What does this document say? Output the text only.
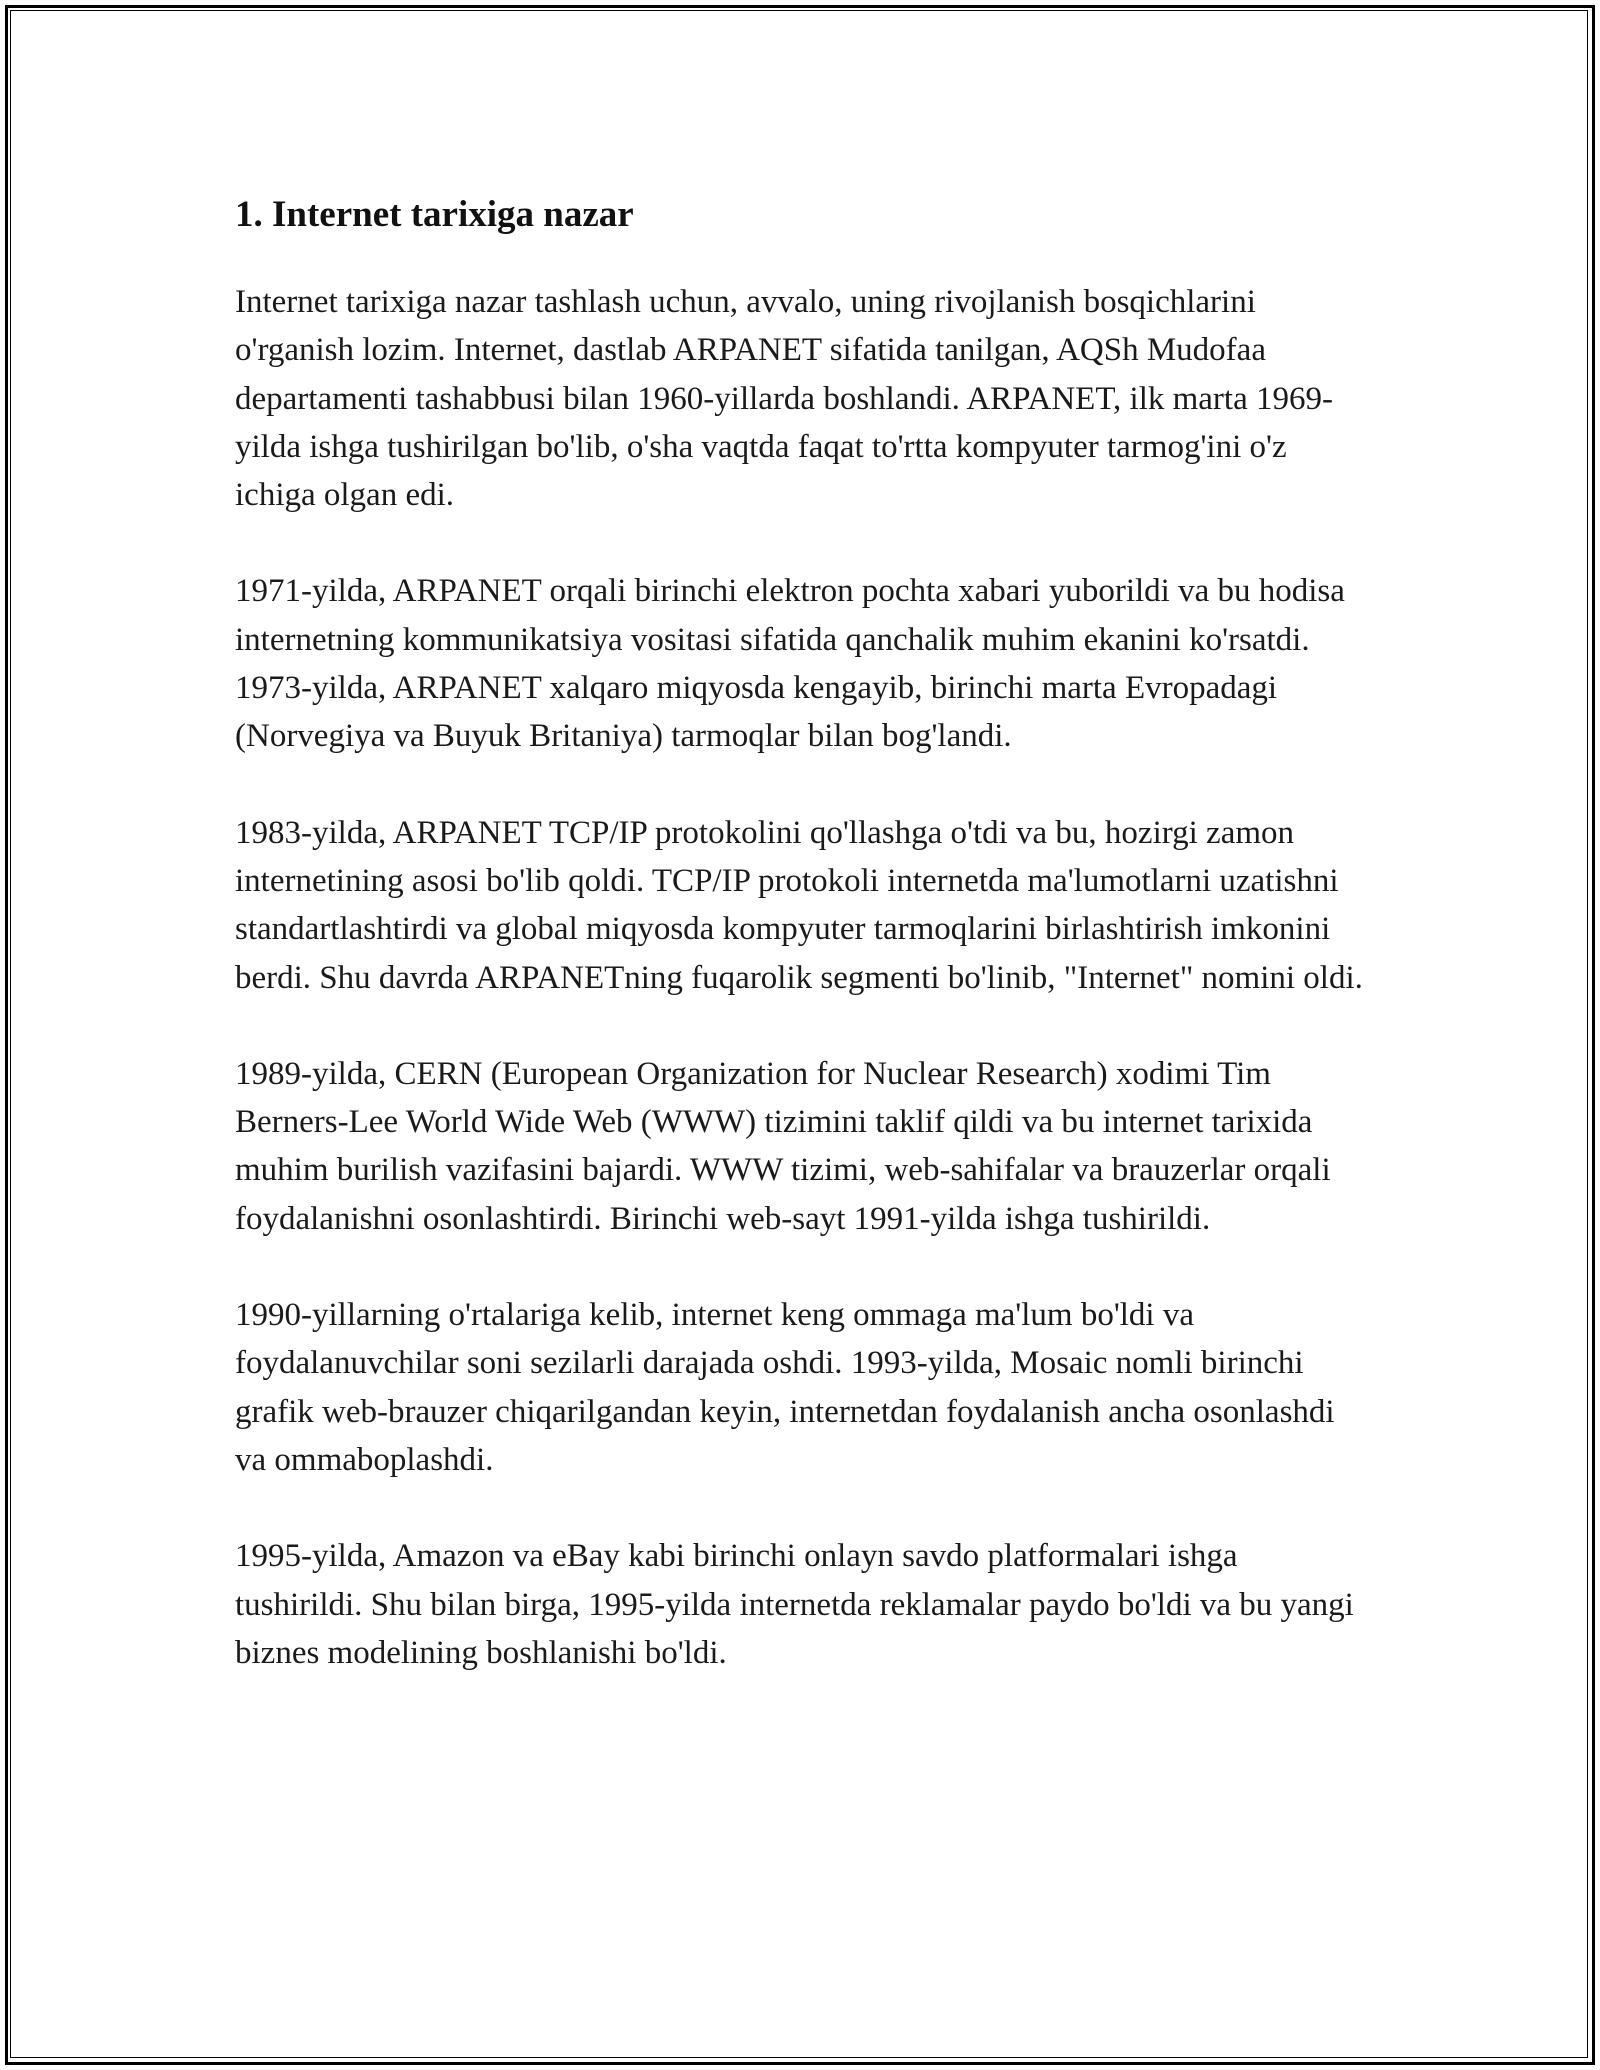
1. Internet tarixiga nazar

Internet tarixiga nazar tashlash uchun, avvalo, uning rivojlanish bosqichlarini o'rganish lozim. Internet, dastlab ARPANET sifatida tanilgan, AQSh Mudofaa departamenti tashabbusi bilan 1960-yillarda boshlandi. ARPANET, ilk marta 1969-yilda ishga tushirilgan bo'lib, o'sha vaqtda faqat to'rtta kompyuter tarmog'ini o'z ichiga olgan edi.

1971-yilda, ARPANET orqali birinchi elektron pochta xabari yuborildi va bu hodisa internetning kommunikatsiya vositasi sifatida qanchalik muhim ekanini ko'rsatdi. 1973-yilda, ARPANET xalqaro miqyosda kengayib, birinchi marta Evropadagi (Norvegiya va Buyuk Britaniya) tarmoqlar bilan bog'landi.

1983-yilda, ARPANET TCP/IP protokolini qo'llashga o'tdi va bu, hozirgi zamon internetining asosi bo'lib qoldi. TCP/IP protokoli internetda ma'lumotlarni uzatishni standartlashtirdi va global miqyosda kompyuter tarmoqlarini birlashtirish imkonini berdi. Shu davrda ARPANETning fuqarolik segmenti bo'linib, "Internet" nomini oldi.

1989-yilda, CERN (European Organization for Nuclear Research) xodimi Tim Berners-Lee World Wide Web (WWW) tizimini taklif qildi va bu internet tarixida muhim burilish vazifasini bajardi. WWW tizimi, web-sahifalar va brauzerlar orqali foydalanishni osonlashtirdi. Birinchi web-sayt 1991-yilda ishga tushirildi.

1990-yillarning o'rtalariga kelib, internet keng ommaga ma'lum bo'ldi va foydalanuvchilar soni sezilarli darajada oshdi. 1993-yilda, Mosaic nomli birinchi grafik web-brauzer chiqarilgandan keyin, internetdan foydalanish ancha osonlashdi va ommaboplashdi.

1995-yilda, Amazon va eBay kabi birinchi onlayn savdo platformalari ishga tushirildi. Shu bilan birga, 1995-yilda internetda reklamalar paydo bo'ldi va bu yangi biznes modelining boshlanishi bo'ldi.
